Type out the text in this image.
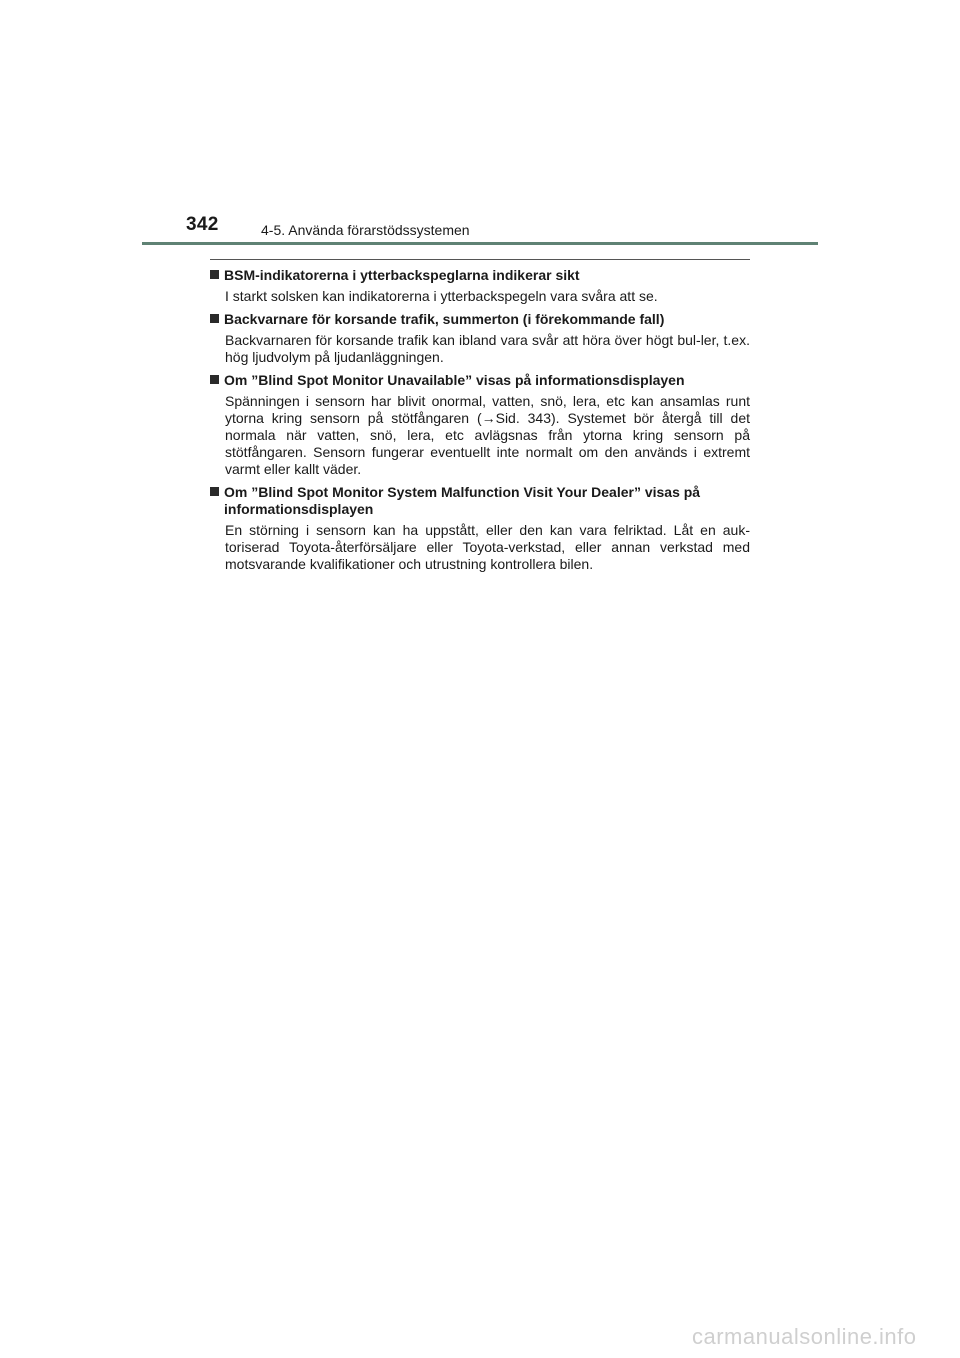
342	4-5. Använda förarstödssystemen
BSM-indikatorerna i ytterbackspeglarna indikerar sikt
I starkt solsken kan indikatorerna i ytterbackspegeln vara svåra att se.
Backvarnare för korsande trafik, summerton (i förekommande fall)
Backvarnaren för korsande trafik kan ibland vara svår att höra över högt bul-ler, t.ex. hög ljudvolym på ljudanläggningen.
Om ”Blind Spot Monitor Unavailable” visas på informationsdisplayen
Spänningen i sensorn har blivit onormal, vatten, snö, lera, etc kan ansamlas runt ytorna kring sensorn på stötfångaren (→Sid. 343). Systemet bör återgå till det normala när vatten, snö, lera, etc avlägsnas från ytorna kring sensorn på stötfångaren. Sensorn fungerar eventuellt inte normalt om den används i extremt varmt eller kallt väder.
Om ”Blind Spot Monitor System Malfunction Visit Your Dealer” visas på informationsdisplayen
En störning i sensorn kan ha uppstått, eller den kan vara felriktad. Låt en auk-toriserad Toyota-återförsäljare eller Toyota-verkstad, eller annan verkstad med motsvarande kvalifikationer och utrustning kontrollera bilen.
carmanualsonline.info
